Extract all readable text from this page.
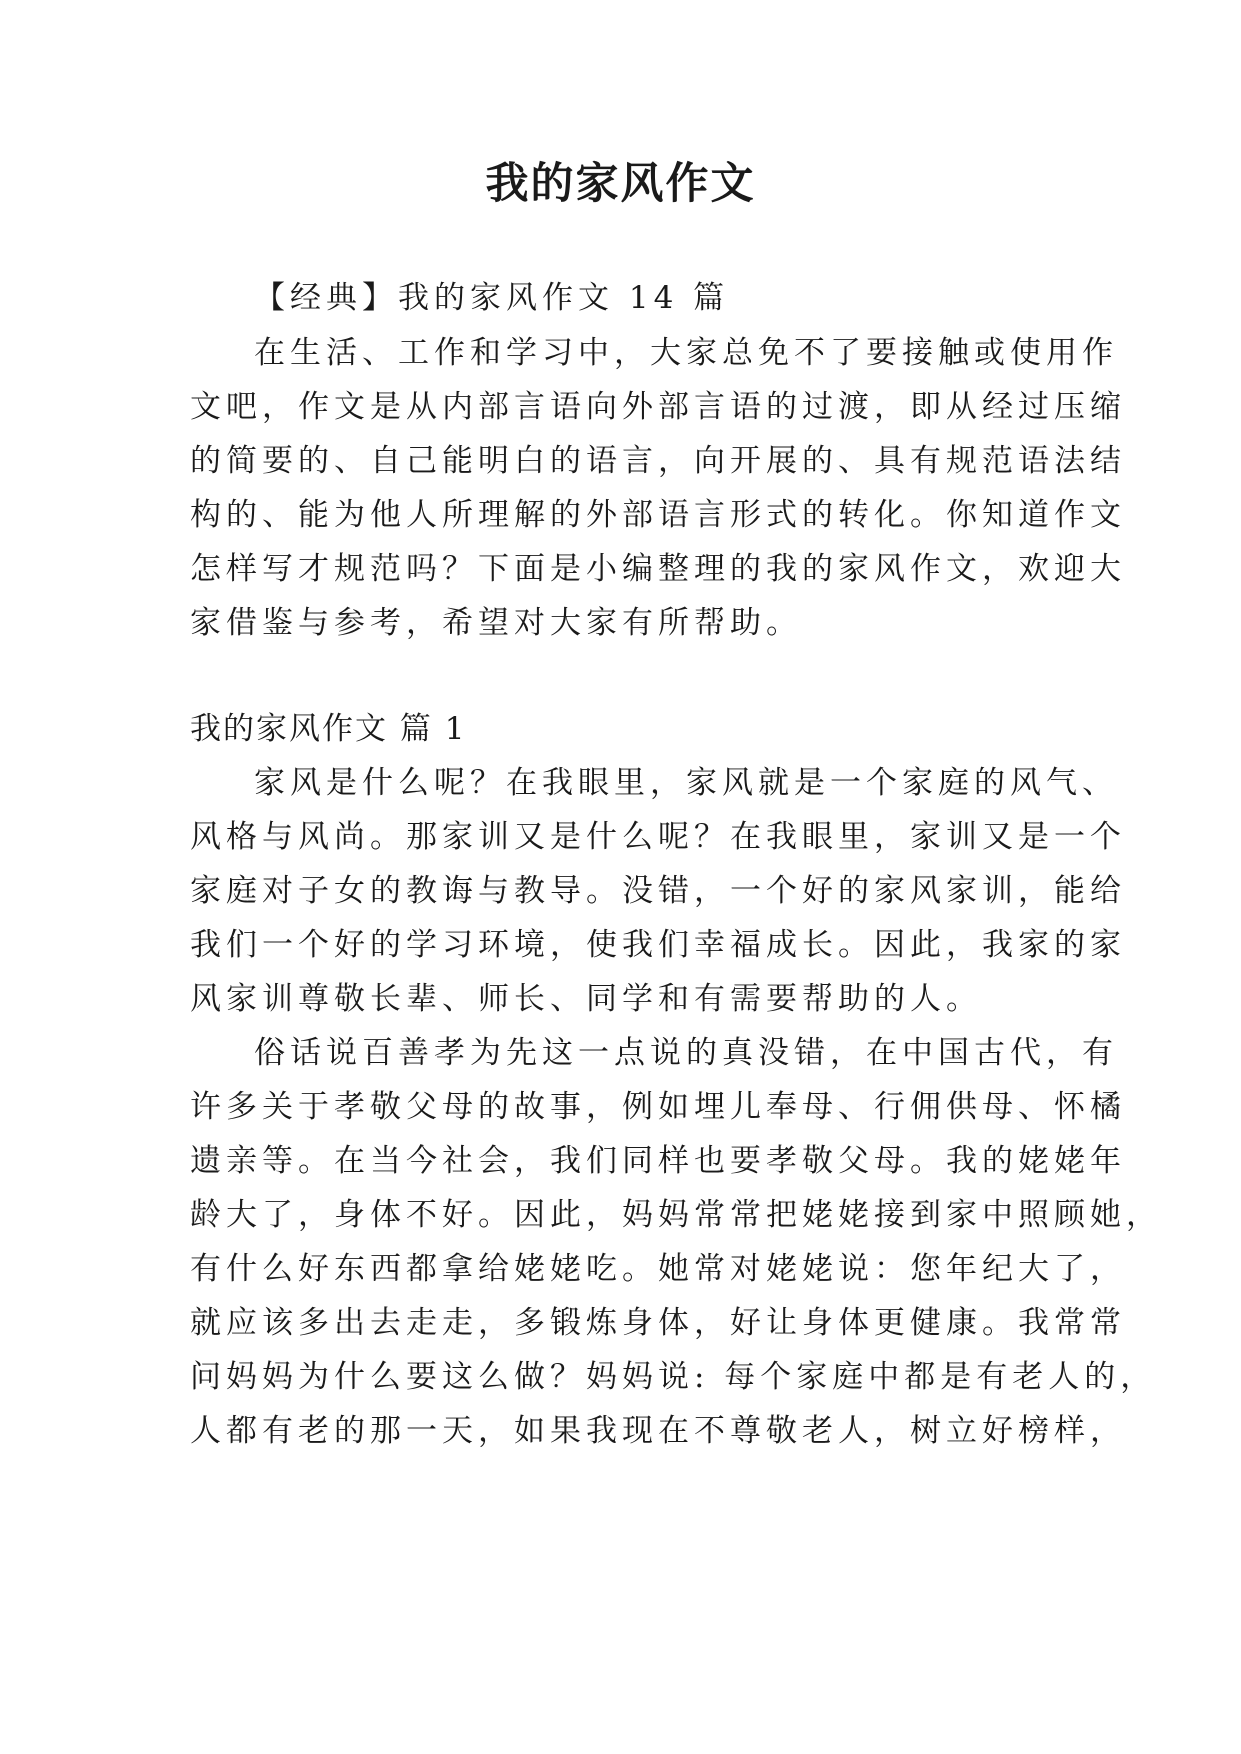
我的家风作文

【经典】我的家风作文 14 篇

在生活、工作和学习中，大家总免不了要接触或使用作

文吧，作文是从内部言语向外部言语的过渡，即从经过压缩

的简要的、自己能明白的语言，向开展的、具有规范语法结

构的、能为他人所理解的外部语言形式的转化。你知道作文

怎样写才规范吗？下面是小编整理的我的家风作文，欢迎大

家借鉴与参考，希望对大家有所帮助。

我的家风作文 篇 1

家风是什么呢？在我眼里，家风就是一个家庭的风气、

风格与风尚。那家训又是什么呢？在我眼里，家训又是一个

家庭对子女的教诲与教导。没错，一个好的家风家训，能给

我们一个好的学习环境，使我们幸福成长。因此，我家的家

风家训尊敬长辈、师长、同学和有需要帮助的人。

俗话说百善孝为先这一点说的真没错，在中国古代，有

许多关于孝敬父母的故事，例如埋儿奉母、行佣供母、怀橘

遗亲等。在当今社会，我们同样也要孝敬父母。我的姥姥年

龄大了，身体不好。因此，妈妈常常把姥姥接到家中照顾她，

有什么好东西都拿给姥姥吃。她常对姥姥说：您年纪大了，

就应该多出去走走，多锻炼身体，好让身体更健康。我常常

问妈妈为什么要这么做？妈妈说: 每个家庭中都是有老人的，

人都有老的那一天，如果我现在不尊敬老人，树立好榜样，
